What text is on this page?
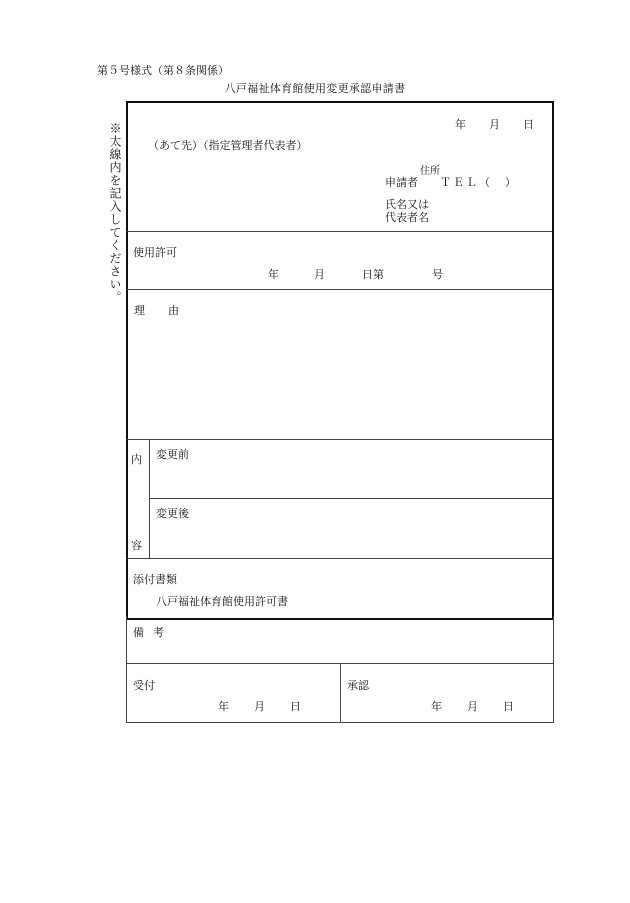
第５号様式（第８条関係）
八戸福祉体育館使用変更承認申請書
※太線内を記入してください。	年 月 日
（あて先）（指定管理者代表者）
住所
申請者 ＴＥＬ（　）
氏名又は
代表者名
使用許可
年	月	日第	号
理 由
内
容
変更前
変更後
添付書類
八戸福祉体育館使用許可書
備 考
受付
年 月 日
承認
年 月 日
